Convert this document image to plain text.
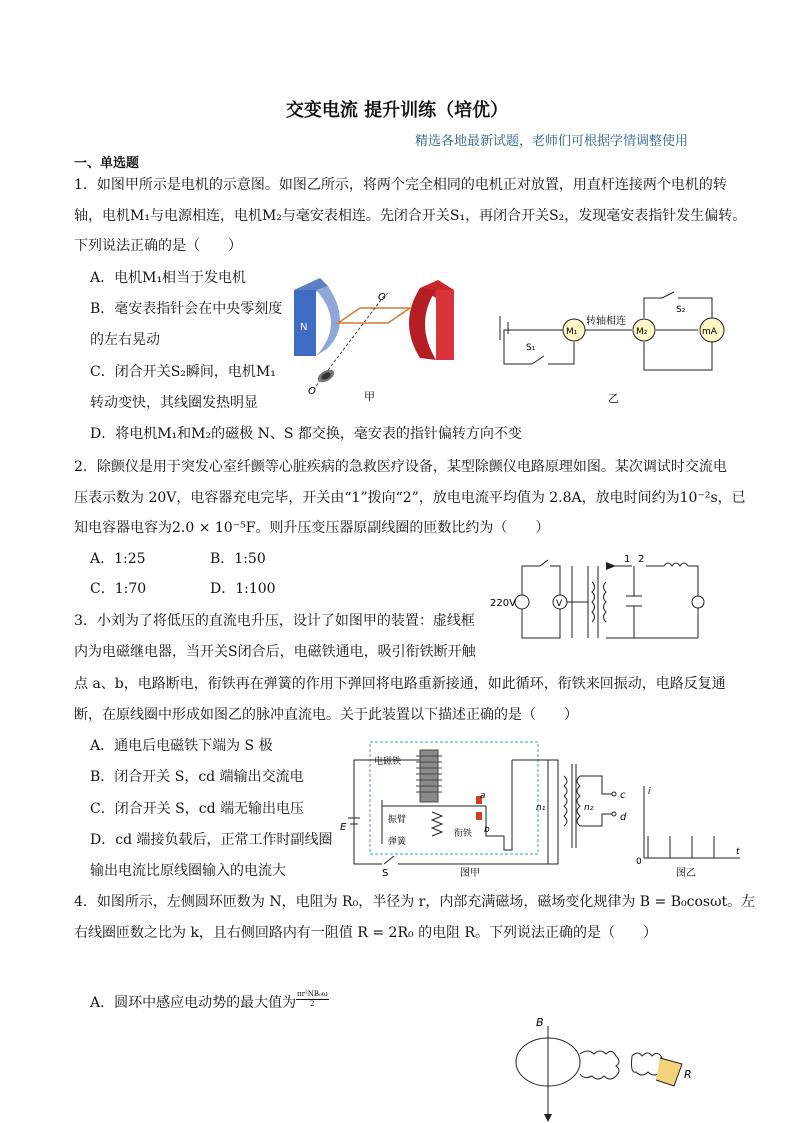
交变电流 提升训练（培优）
精选各地最新试题，老师们可根据学情调整使用
一、单选题
1．如图甲所示是电机的示意图。如图乙所示，将两个完全相同的电机正对放置，用直杆连接两个电机的转
轴，电机M₁与电源相连，电机M₂与毫安表相连。先闭合开关S₁，再闭合开关S₂，发现毫安表指针发生偏转。
下列说法正确的是（　　）
A．电机M₁相当于发电机
B．毫安表指针会在中央零刻度
的左右晃动
C．闭合开关S₂瞬间，电机M₁
转动变快，其线圈发热明显
D．将电机M₁和M₂的磁极 N、S 都交换，毫安表的指针偏转方向不变
N	S
O′
O	甲
M₁	M₂	mA
转轴相连
S₁
S₂
乙
2．除颤仪是用于突发心室纤颤等心脏疾病的急救医疗设备，某型除颤仪电路原理如图。某次调试时交流电
压表示数为 20V，电容器充电完毕，开关由“1”拨向“2”，放电电流平均值为 2.8A，放电时间约为10⁻²s，已
知电容器电容为2.0 × 10⁻⁵F。则升压变压器原副线圈的匝数比约为（　　）
A．1:25	B．1:50
C．1:70	D．1:100
220V	V
1 2
3．小刘为了将低压的直流电升压，设计了如图甲的装置：虚线框
内为电磁继电器，当开关S闭合后，电磁铁通电，吸引衔铁断开触
点 a、b，电路断电，衔铁再在弹簧的作用下弹回将电路重新接通，如此循环，衔铁来回振动，电路反复通
断，在原线圈中形成如图乙的脉冲直流电。关于此装置以下描述正确的是（　　）
A．通电后电磁铁下端为 S 极
B．闭合开关 S，cd 端输出交流电
C．闭合开关 S，cd 端无输出电压
D．cd 端接负载后，正常工作时副线圈
输出电流比原线圈输入的电流大
E
S
电磁铁
振臂
弹簧
衔铁
a
b
图甲
n₁	n₂
c
d
i
t
0
图乙
4．如图所示，左侧圆环匝数为 N，电阻为 R₀，半径为 r，内部充满磁场，磁场变化规律为 B = B₀cosωt。左
右线圈匝数之比为 k，且右侧回路内有一阻值 R = 2R₀ 的电阻 R。下列说法正确的是（　　）
A．圆环中感应电动势的最大值为 $\frac{\text{πr²NB₀ω}}{2}$
B
R
